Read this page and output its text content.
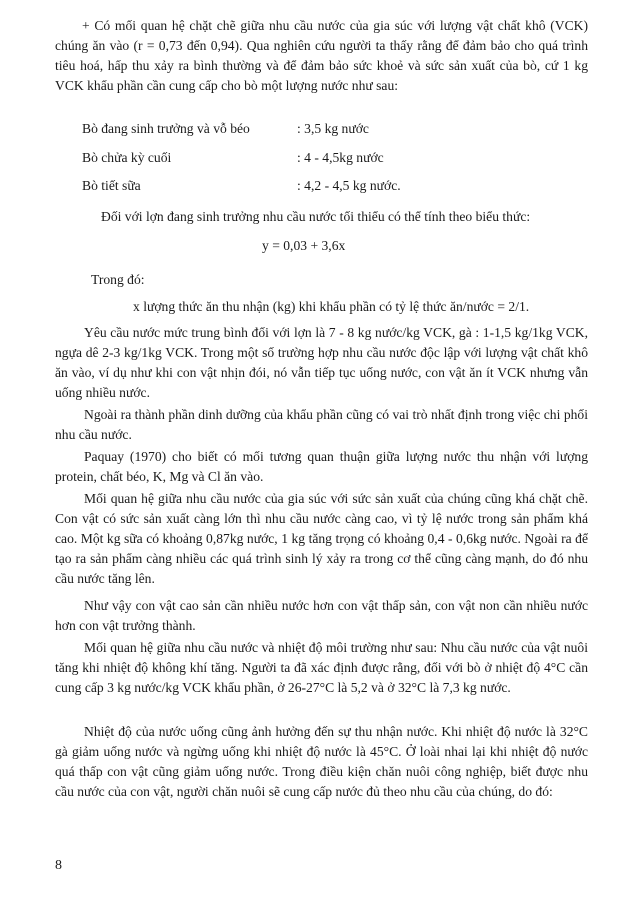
+ Có mối quan hệ chặt chẽ giữa nhu cầu nước của gia súc với lượng vật chất khô (VCK) chúng ăn vào (r = 0,73 đến 0,94). Qua nghiên cứu người ta thấy rằng để đảm bảo cho quá trình tiêu hoá, hấp thu xảy ra bình thường và để đảm bảo sức khoẻ và sức sản xuất của bò, cứ 1 kg VCK khẩu phần cần cung cấp cho bò một lượng nước như sau:

Bò đang sinh trưởng và vỗ béo	: 3,5 kg nước
Bò chửa kỳ cuối	: 4 - 4,5kg nước
Bò tiết sữa	: 4,2 - 4,5 kg nước.

Đối với lợn đang sinh trưởng nhu cầu nước tối thiểu có thể tính theo biểu thức:

y = 0,03 + 3,6x

Trong đó:

x lượng thức ăn thu nhận (kg) khi khẩu phần có tỷ lệ thức ăn/nước = 2/1.

Yêu cầu nước mức trung bình đối với lợn là 7 - 8 kg nước/kg VCK, gà : 1-1,5 kg/1kg VCK, ngựa dê 2-3 kg/1kg VCK. Trong một số trường hợp nhu cầu nước độc lập với lượng vật chất khô ăn vào, ví dụ như khi con vật nhịn đói, nó vẫn tiếp tục uống nước, con vật ăn ít VCK nhưng vẫn uống nhiều nước.

Ngoài ra thành phần dinh dưỡng của khẩu phần cũng có vai trò nhất định trong việc chi phối nhu cầu nước.

Paquay (1970) cho biết có mối tương quan thuận giữa lượng nước thu nhận với lượng protein, chất béo, K, Mg và Cl ăn vào.

Mối quan hệ giữa nhu cầu nước của gia súc với sức sản xuất của chúng cũng khá chặt chẽ. Con vật có sức sản xuất càng lớn thì nhu cầu nước càng cao, vì tỷ lệ nước trong sản phẩm khá cao. Một kg sữa có khoảng 0,87kg nước, 1 kg tăng trọng có khoảng 0,4 - 0,6kg nước. Ngoài ra để tạo ra sản phẩm càng nhiều các quá trình sinh lý xảy ra trong cơ thể cũng càng mạnh, do đó nhu cầu nước tăng lên.

Như vậy con vật cao sản cần nhiều nước hơn con vật thấp sản, con vật non cần nhiều nước hơn con vật trưởng thành.

Mối quan hệ giữa nhu cầu nước và nhiệt độ môi trường như sau: Nhu cầu nước của vật nuôi tăng khi nhiệt độ không khí tăng. Người ta đã xác định được rằng, đối với bò ở nhiệt độ 4°C cần cung cấp 3 kg nước/kg VCK khẩu phần, ở 26-27°C là 5,2 và ở 32°C là 7,3 kg nước.

Nhiệt độ của nước uống cũng ảnh hưởng đến sự thu nhận nước. Khi nhiệt độ nước là 32°C gà giảm uống nước và ngừng uống khi nhiệt độ nước là 45°C. Ở loài nhai lại khi nhiệt độ nước quá thấp con vật cũng giảm uống nước. Trong điều kiện chăn nuôi công nghiệp, biết được nhu cầu nước của con vật, người chăn nuôi sẽ cung cấp nước đủ theo nhu cầu của chúng, do đó:

8
